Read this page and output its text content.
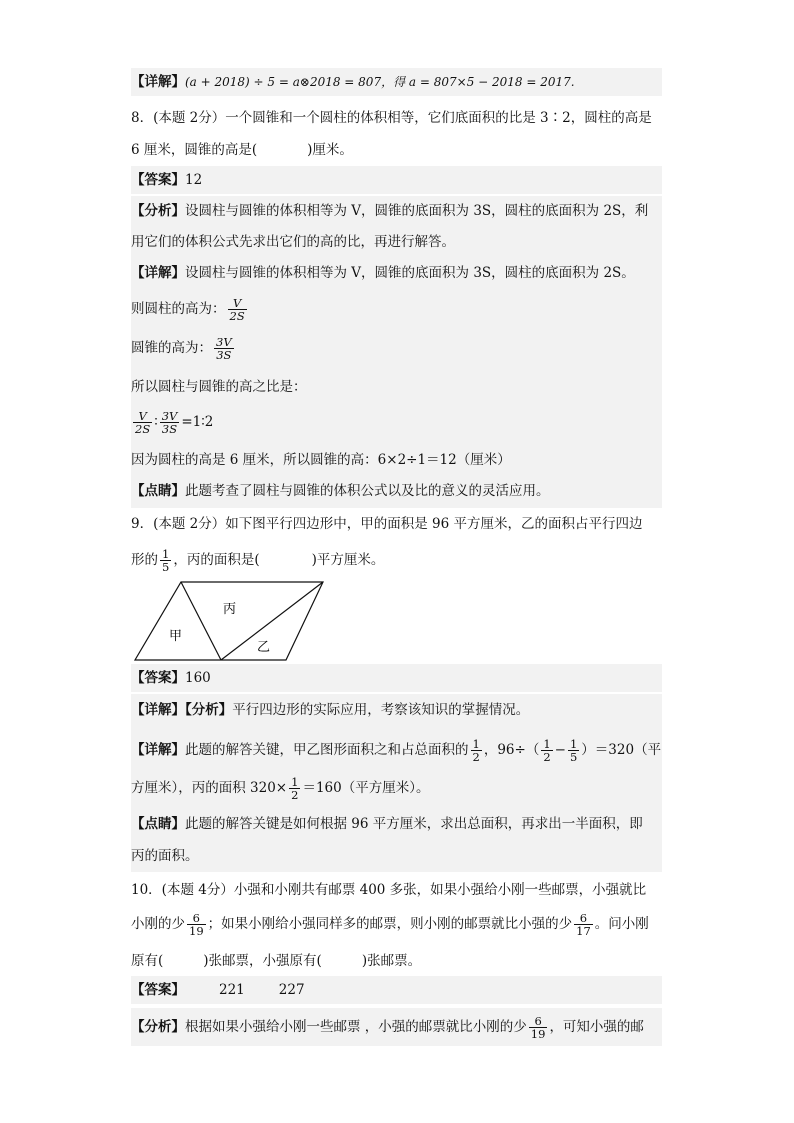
【详解】(a + 2018) ÷ 5 = a⊗2018 = 807，得 a = 807×5 − 2018 = 2017.
8．(本题 2分）一个圆锥和一个圆柱的体积相等，它们底面积的比是 3∶2，圆柱的高是
6 厘米，圆锥的高是(	)厘米。
【答案】12
【分析】设圆柱与圆锥的体积相等为 V，圆锥的底面积为 3S，圆柱的底面积为 2S，利
用它们的体积公式先求出它们的高的比，再进行解答。
【详解】设圆柱与圆锥的体积相等为 V，圆锥的底面积为 3S，圆柱的底面积为 2S。
则圆柱的高为： $\frac{V}{2S}$
圆锥的高为： $\frac{3V}{3S}$
所以圆柱与圆锥的高之比是：
$\frac{V}{2S}$ ∶ $\frac{3V}{3S}$ =1∶2
因为圆柱的高是 6 厘米，所以圆锥的高：6×2÷1＝12（厘米）
【点睛】此题考查了圆柱与圆锥的体积公式以及比的意义的灵活应用。
9．(本题 2分）如下图平行四边形中，甲的面积是 96 平方厘米，乙的面积占平行四边
形的 $\frac{1}{5}$ ，丙的面积是(	)平方厘米。
甲
丙
乙
【答案】160
【详解】【分析】平行四边形的实际应用，考察该知识的掌握情况。
【详解】此题的解答关键，甲乙图形面积之和占总面积的 $\frac{1}{2}$ ，$96\div( \frac{1}{2} - \frac{1}{5} )=320$（平
方厘米），丙的面积 $320\times \frac{1}{2} =160$（平方厘米）。
【点睛】此题的解答关键是如何根据 96 平方厘米，求出总面积，再求出一半面积，即
丙的面积。
10．(本题 4分）小强和小刚共有邮票 400 多张，如果小强给小刚一些邮票，小强就比
小刚的少 $\frac{6}{19}$ ；如果小刚给小强同样多的邮票，则小刚的邮票就比小强的少 $\frac{6}{17}$ 。问小刚
原有(	)张邮票，小强原有(	)张邮票。
【答案】	221	227
【分析】根据如果小强给小刚一些邮票 ，小强的邮票就比小刚的少 $\frac{6}{19}$ ，可知小强的邮
